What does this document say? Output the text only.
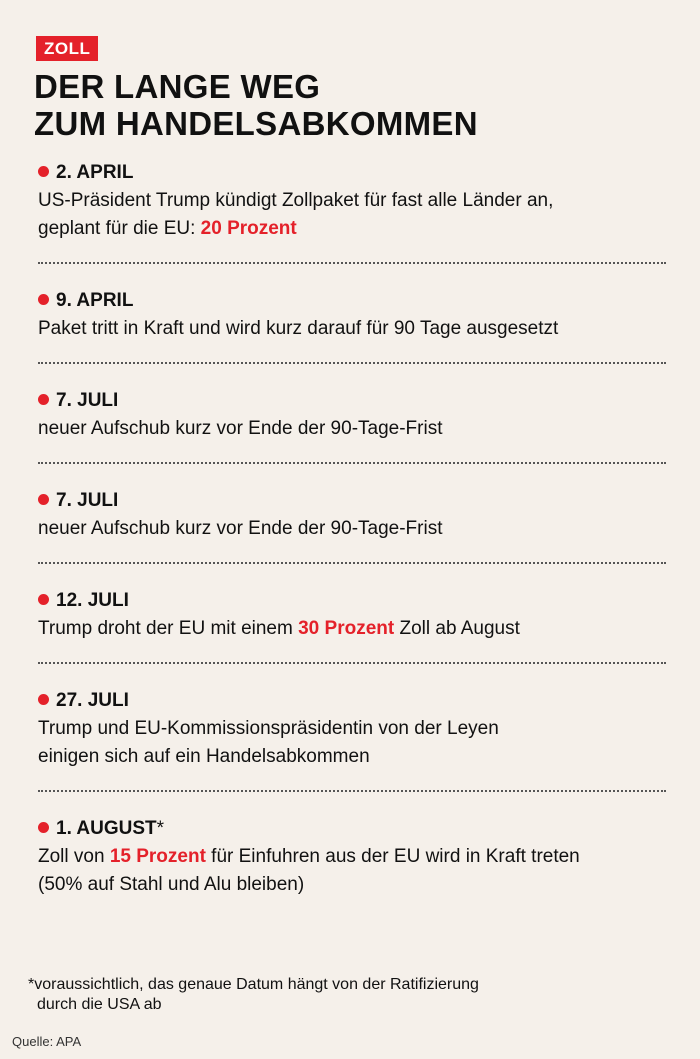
ZOLL
DER LANGE WEG
ZUM HANDELSABKOMMEN
2. APRIL
US-Präsident Trump kündigt Zollpaket für fast alle Länder an,
geplant für die EU: 20 Prozent
9. APRIL
Paket tritt in Kraft und wird kurz darauf für 90 Tage ausgesetzt
7. JULI
neuer Aufschub kurz vor Ende der 90-Tage-Frist
7. JULI
neuer Aufschub kurz vor Ende der 90-Tage-Frist
12. JULI
Trump droht der EU mit einem 30 Prozent Zoll ab August
27. JULI
Trump und EU-Kommissionspräsidentin von der Leyen
einigen sich auf ein Handelsabkommen
1. AUGUST*
Zoll von 15 Prozent für Einfuhren aus der EU wird in Kraft treten
(50% auf Stahl und Alu bleiben)
*voraussichtlich, das genaue Datum hängt von der Ratifizierung
durch die USA ab
Quelle: APA
